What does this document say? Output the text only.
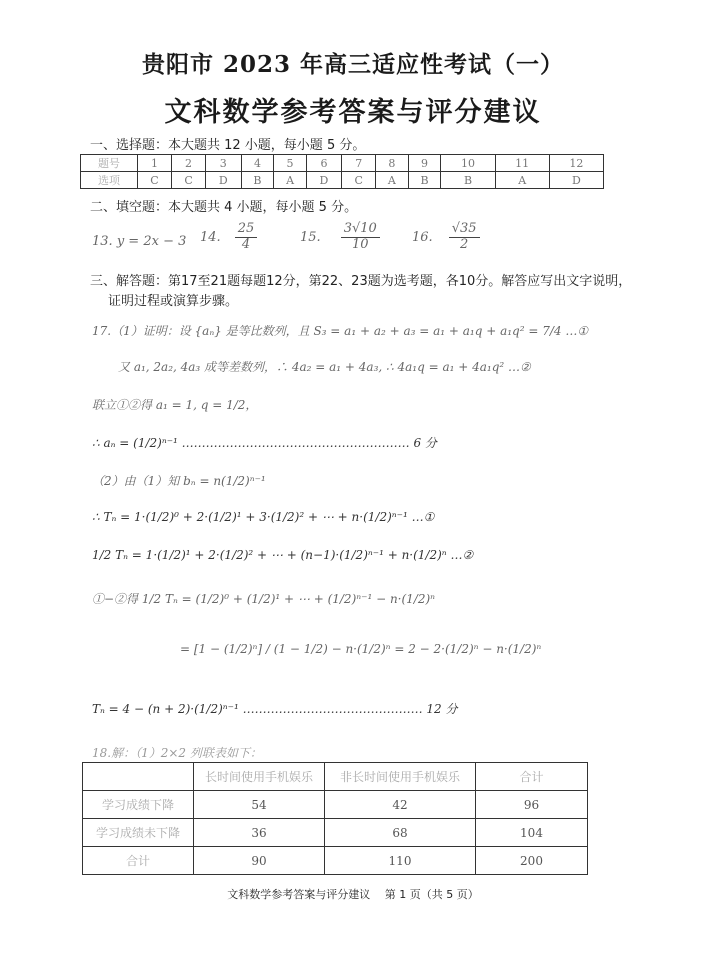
贵阳市 2023 年高三适应性考试（一）
文科数学参考答案与评分建议
一、选择题：本大题共 12 小题，每小题 5 分。
题号	1	2	3	4	5	6	7	8	9	10	11	12
选项	C	C	D	B	A	D	C	A	B	B	A	D
二、填空题：本大题共 4 小题，每小题 5 分。
13. y = 2x − 3 14. $\frac{25}{4}$	15. $\frac{3√10}{10} 16$. $\frac{√35}{2}$
三、解答题：第17至21题每题12分，第22、23题为选考题，各10分。解答应写出文字说明，
证明过程或演算步骤。
17.（1）证明：设 {aₙ} 是等比数列，且 S₃ = a₁ + a₂ + a₃ = a₁ + a₁q + a₁q² = 7/4 …①
又 a₁, 2a₂, 4a₃ 成等差数列，∴ 4a₂ = a₁ + 4a₃, ∴ 4a₁q = a₁ + 4a₁q² …②
联立①②得 a₁ = 1, q = 1/2，
∴ aₙ = (1/2)ⁿ⁻¹ ………………………………………………… 6 分
（2）由（1）知 bₙ = n(1/2)ⁿ⁻¹
∴ Tₙ = 1·(1/2)⁰ + 2·(1/2)¹ + 3·(1/2)² + ⋯ + n·(1/2)ⁿ⁻¹ …①
1/2 Tₙ = 1·(1/2)¹ + 2·(1/2)² + ⋯ + (n−1)·(1/2)ⁿ⁻¹ + n·(1/2)ⁿ …②
①−②得 1/2 Tₙ = (1/2)⁰ + (1/2)¹ + ⋯ + (1/2)ⁿ⁻¹ − n·(1/2)ⁿ
= [1 − (1/2)ⁿ] / (1 − 1/2) − n·(1/2)ⁿ = 2 − 2·(1/2)ⁿ − n·(1/2)ⁿ
Tₙ = 4 − (n + 2)·(1/2)ⁿ⁻¹ ……………………………………… 12 分
18.解：（1）2×2 列联表如下：
	长时间使用手机娱乐	非长时间使用手机娱乐	合计
学习成绩下降	54	42	96
学习成绩未下降	36	68	104
合计	90	110	200
文科数学参考答案与评分建议　 第 1 页（共 5 页）
